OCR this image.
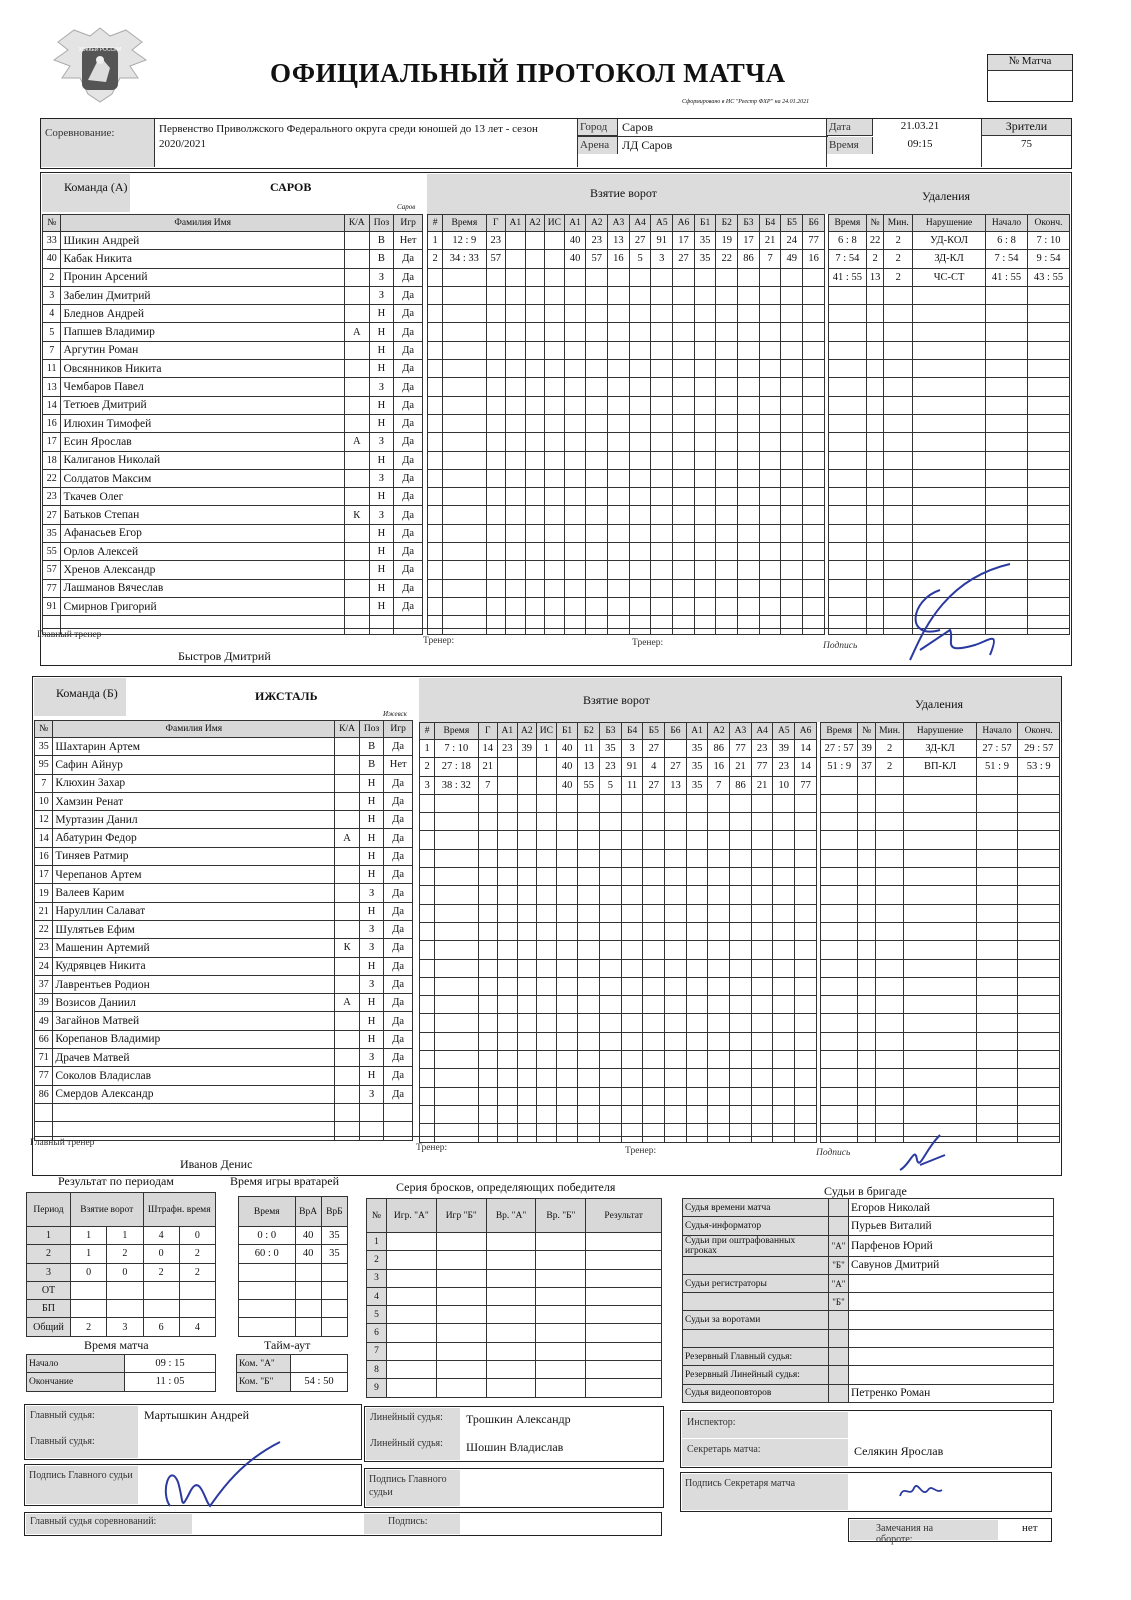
ХОККЕЙ РОССИИ
ОФИЦИАЛЬНЫЙ ПРОТОКОЛ МАТЧА
Сформировано в ИС "Реестр ФХР" на 24.01.2021
№ Матча
Соревнование:	Первенство Приволжского Федерального округа среди юношей до 13 лет - сезон 2020/2021
Город	Саров
Арена	ЛД Саров
Дата	21.03.21
Время	09:15
Зрители
75
Команда (А)	САРОВ
Саров
Взятие ворот	Удаления
№	Фамилия Имя	К/А	Поз	Игр
33	Шикин Андрей		В	Нет
40	Кабак Никита		В	Да
2	Пронин Арсений		З	Да
3	Забелин Дмитрий		З	Да
4	Бледнов Андрей		Н	Да
5	Папшев Владимир	А	Н	Да
7	Аргутин Роман		Н	Да
11	Овсянников Никита		Н	Да
13	Чембаров Павел		З	Да
14	Тетюев Дмитрий		Н	Да
16	Илюхин Тимофей		Н	Да
17	Есин Ярослав	А	З	Да
18	Калиганов Николай		Н	Да
22	Солдатов Максим		З	Да
23	Ткачев Олег		Н	Да
27	Батьков Степан	К	З	Да
35	Афанасьев Егор		Н	Да
55	Орлов Алексей		Н	Да
57	Хренов Александр		Н	Да
77	Лашманов Вячеслав		Н	Да
91	Смирнов Григорий		Н	Да

#	Время	Г	А1	А2	ИС	А1	А2	А3	А4	А5	А6	Б1	Б2	Б3	Б4	Б5	Б6
1	12 : 9	23				40	23	13	27	91	17	35	19	17	21	24	77
2	34 : 33	57				40	57	16	5	3	27	35	22	86	7	49	16

Время	№	Мин.	Нарушение	Начало	Оконч.
6 : 8	22	2	УД-КОЛ	6 : 8	7 : 10
7 : 54	2	2	ЗД-КЛ	7 : 54	9 : 54
41 : 55	13	2	ЧС-СТ	41 : 55	43 : 55

Главный тренер
Быстров Дмитрий
Тренер:	Тренер:	Подпись
Команда (Б)	ИЖСТАЛЬ
Ижевск
Взятие ворот	Удаления
№	Фамилия Имя	К/А	Поз	Игр
35	Шахтарин Артем		В	Да
95	Сафин Айнур		В	Нет
7	Клюхин Захар		Н	Да
10	Хамзин Ренат		Н	Да
12	Муртазин Данил		Н	Да
14	Абатурин Федор	А	Н	Да
16	Тиняев Ратмир		Н	Да
17	Черепанов Артем		Н	Да
19	Валеев Карим		З	Да
21	Наруллин Салават		Н	Да
22	Шулятьев Ефим		З	Да
23	Машенин Артемий	К	З	Да
24	Кудрявцев Никита		Н	Да
37	Лаврентьев Родион		З	Да
39	Возисов Даниил	А	Н	Да
49	Загайнов Матвей		Н	Да
66	Корепанов Владимир		Н	Да
71	Драчев Матвей		З	Да
77	Соколов Владислав		Н	Да
86	Смердов Александр		З	Да

#	Время	Г	А1	А2	ИС	Б1	Б2	Б3	Б4	Б5	Б6	А1	А2	А3	А4	А5	А6
1	7 : 10	14	23	39	1	40	11	35	3	27		35	86	77	23	39	14
2	27 : 18	21				40	13	23	91	4	27	35	16	21	77	23	14
3	38 : 32	7				40	55	5	11	27	13	35	7	86	21	10	77

Время	№	Мин.	Нарушение	Начало	Оконч.
27 : 57	39	2	ЗД-КЛ	27 : 57	29 : 57
51 : 9	37	2	ВП-КЛ	51 : 9	53 : 9

Главный тренер
Иванов Денис
Тренер:	Тренер:	Подпись
Результат по периодам
Период	Взятие ворот		Штрафн. время	
1	1	1	4	0
2	1	2	0	2
3	0	0	2	2
ОТ				
БП				
Общий	2	3	6	4
Время игры вратарей
Время	ВрА	ВрБ
0 : 0	40	35
60 : 0	40	35

Время матча
Начало	09 : 15
Окончание	11 : 05
Тайм-аут
Ком. "А"	
Ком. "Б"	54 : 50
Серия бросков, определяющих победителя
№	Игр. "А"	Игр "Б"	Вр. "А"	Вр. "Б"	Результат
1					
2					
3					
4					
5					
6					
7					
8					
9					
Судьи в бригаде
Судья времени матча		Егоров Николай
Судья-информатор		Пурьев Виталий
Судьи при оштрафованных игроках	"А"	Парфенов Юрий
	"Б"	Савунов Дмитрий
Судьи регистраторы	"А"	
	"Б"	
Судьи за воротами		

Резервный Главный судья:		
Резервный Линейный судья:		
Судья видеоповторов		Петренко Роман
Главный судья:	Мартышкин Андрей
Главный судья:
Линейный судья:	Трошкин Александр
Линейный судья:	Шошин Владислав
Инспектор:
Секретарь матча:	Селякин Ярослав
Подпись Главного судьи	Подпись Главного судьи
Подпись Секретаря матча
Главный судья соревнований:	Подпись:
Замечания на обороте:
нет
